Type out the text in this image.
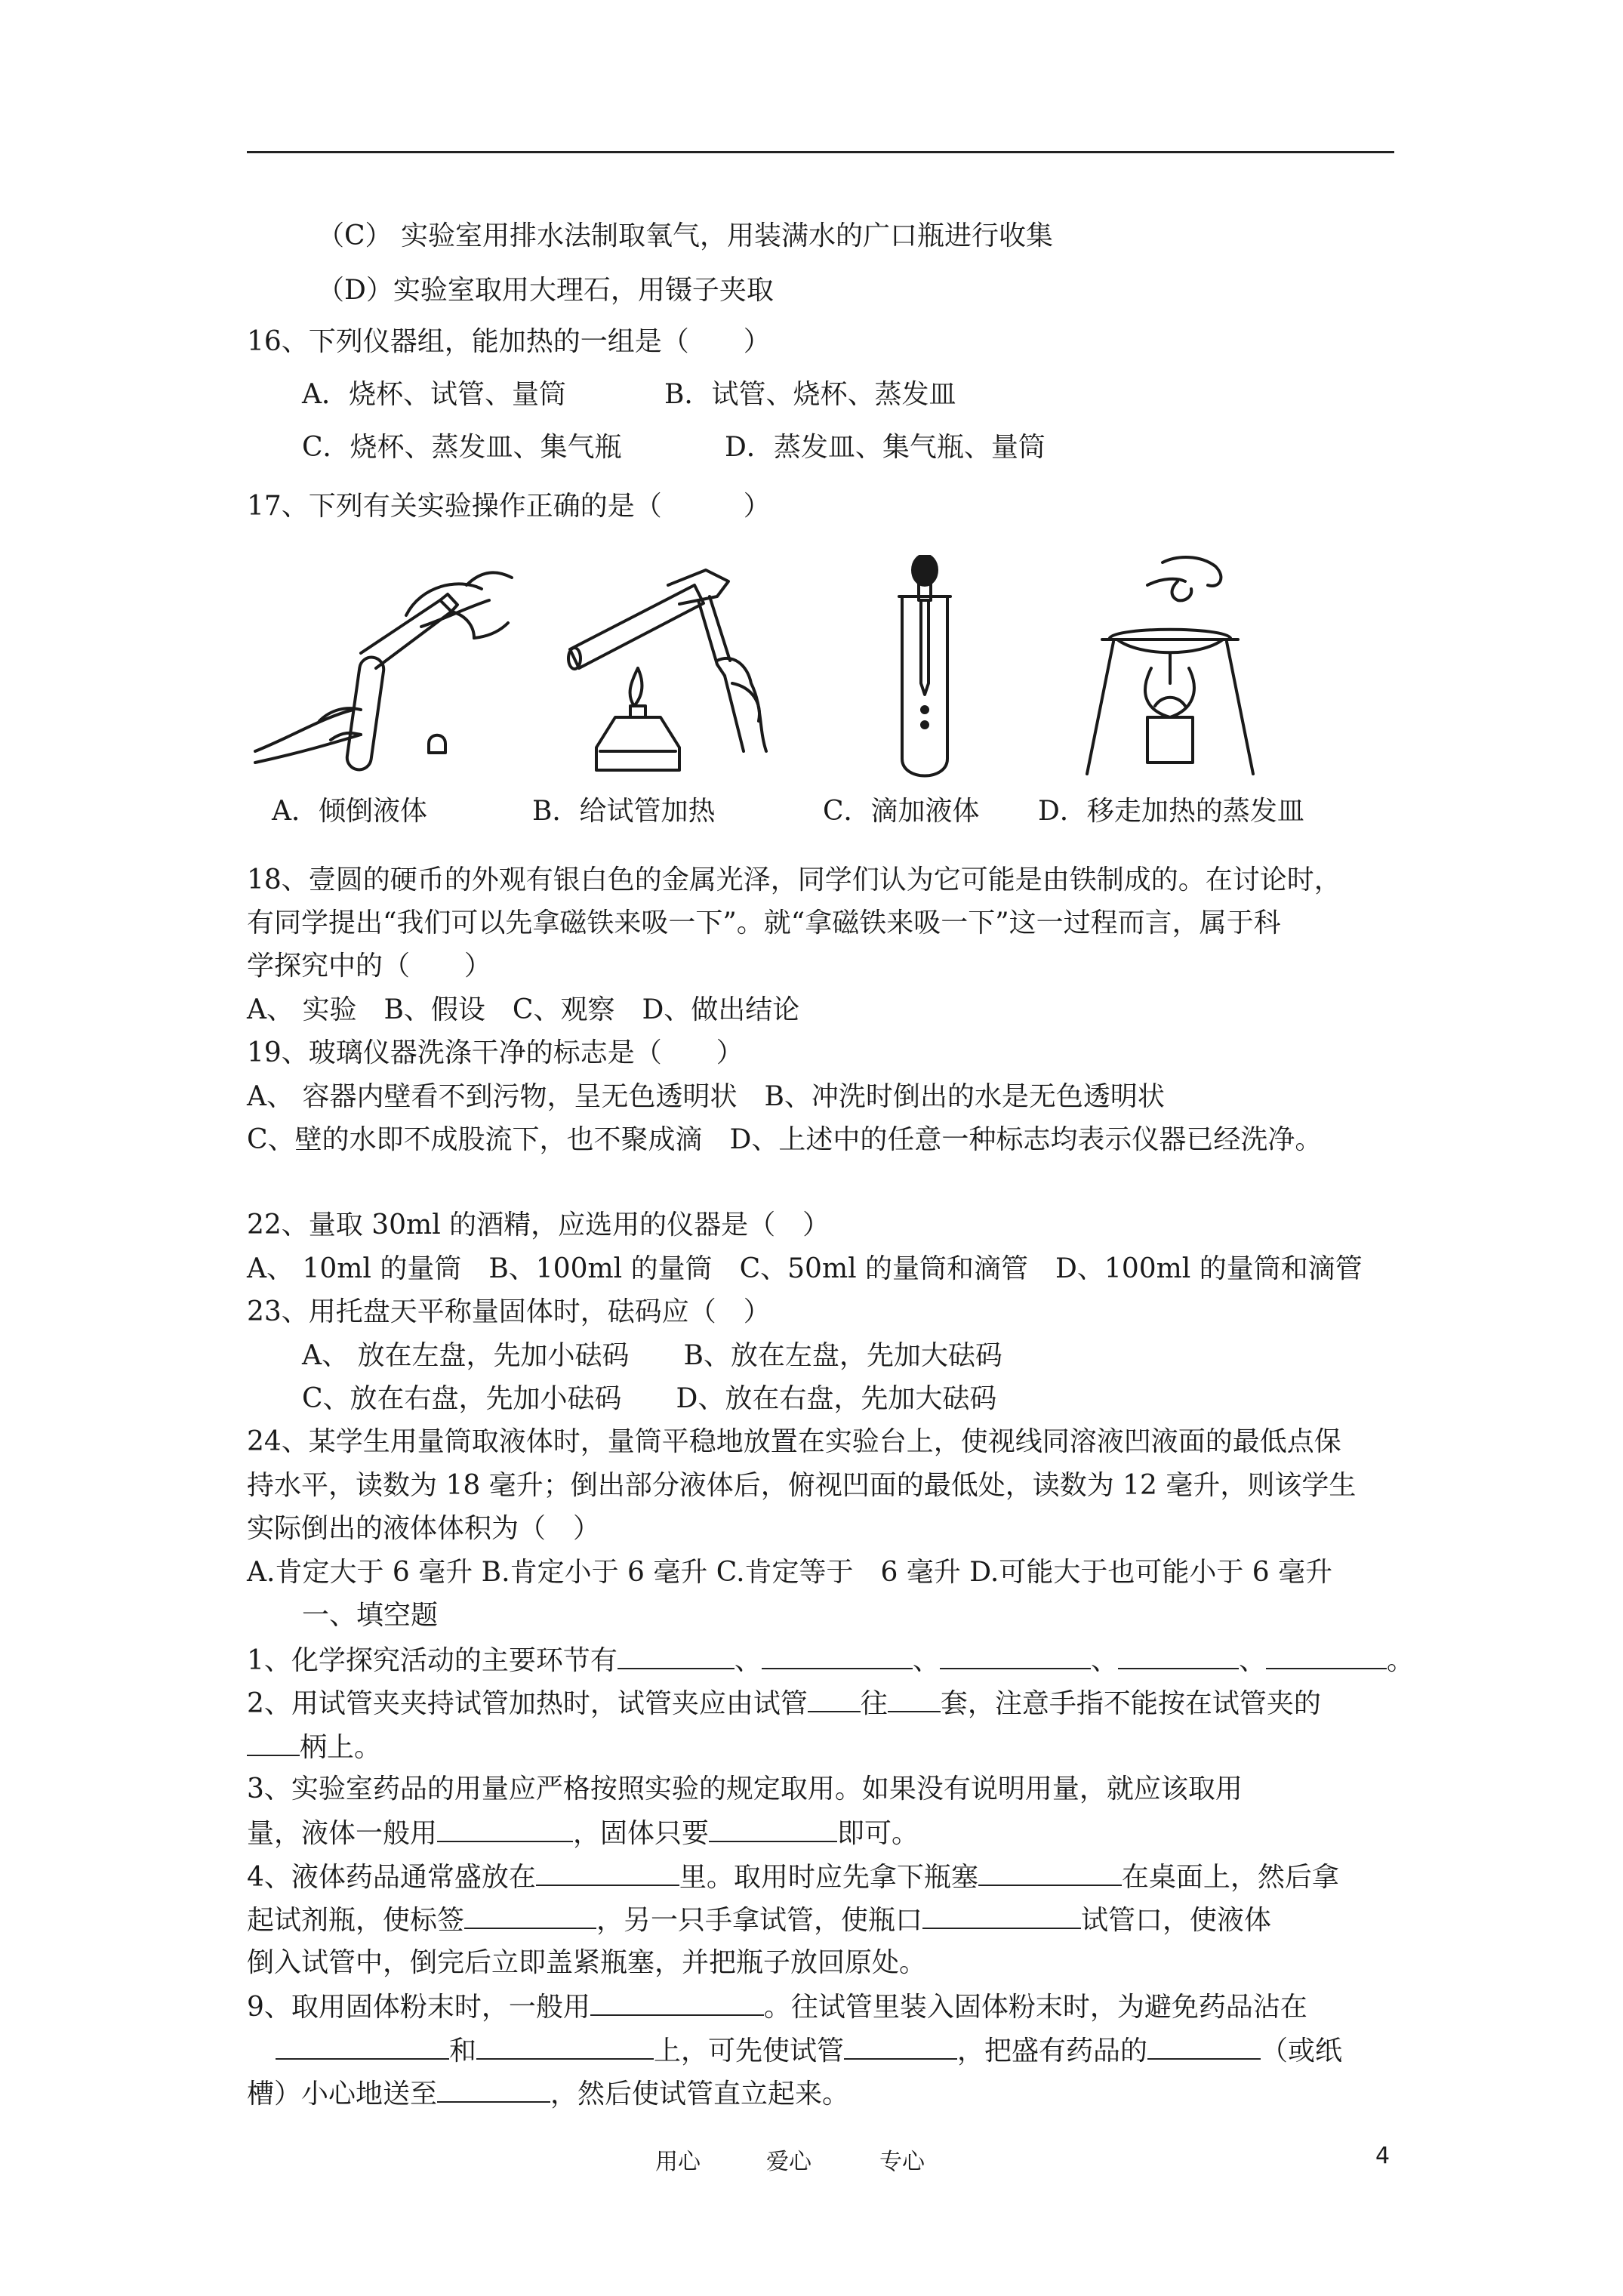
（C） 实验室用排水法制取氧气，用装满水的广口瓶进行收集
（D）实验室取用大理石，用镊子夹取
16、下列仪器组，能加热的一组是（　　）
A．烧杯、试管、量筒	B．试管、烧杯、蒸发皿
C．烧杯、蒸发皿、集气瓶	D．蒸发皿、集气瓶、量筒
17、下列有关实验操作正确的是（　　　）
A．倾倒液体	B．给试管加热	C．滴加液体 D．移走加热的蒸发皿
18、壹圆的硬币的外观有银白色的金属光泽，同学们认为它可能是由铁制成的。在讨论时，
有同学提出“我们可以先拿磁铁来吸一下”。就“拿磁铁来吸一下”这一过程而言，属于科
学探究中的（　　）
A、 实验　B、假设　C、观察　D、做出结论
19、玻璃仪器洗涤干净的标志是（　　）
A、 容器内壁看不到污物，呈无色透明状　B、冲洗时倒出的水是无色透明状
C、壁的水即不成股流下，也不聚成滴　D、上述中的任意一种标志均表示仪器已经洗净。
22、量取 30ml 的酒精，应选用的仪器是（　）
A、 10ml 的量筒　B、100ml 的量筒　C、50ml 的量筒和滴管　D、100ml 的量筒和滴管
23、用托盘天平称量固体时，砝码应（　）
A、 放在左盘，先加小砝码　　B、放在左盘，先加大砝码
C、放在右盘，先加小砝码　　D、放在右盘，先加大砝码
24、某学生用量筒取液体时，量筒平稳地放置在实验台上，使视线同溶液凹液面的最低点保
持水平，读数为 18 毫升；倒出部分液体后，俯视凹面的最低处，读数为 12 毫升，则该学生
实际倒出的液体体积为（　）
A.肯定大于 6 毫升 B.肯定小于 6 毫升 C.肯定等于　6 毫升 D.可能大于也可能小于 6 毫升
一、填空题
1、化学探究活动的主要环节有	、	、	、	、	。
2、用试管夹夹持试管加热时，试管夹应由试管 往 套，注意手指不能按在试管夹的
柄上。
3、实验室药品的用量应严格按照实验的规定取用。如果没有说明用量，就应该取用
量，液体一般用	，固体只要	即可。
4、液体药品通常盛放在	里。取用时应先拿下瓶塞	在桌面上，然后拿
起试剂瓶，使标签	，另一只手拿试管，使瓶口	试管口，使液体
倒入试管中，倒完后立即盖紧瓶塞，并把瓶子放回原处。
9、取用固体粉末时，一般用	。往试管里装入固体粉末时，为避免药品沾在
和	上，可先使试管	，把盛有药品的	（或纸
槽）小心地送至	，然后使试管直立起来。
用心	爱心	专心	4
